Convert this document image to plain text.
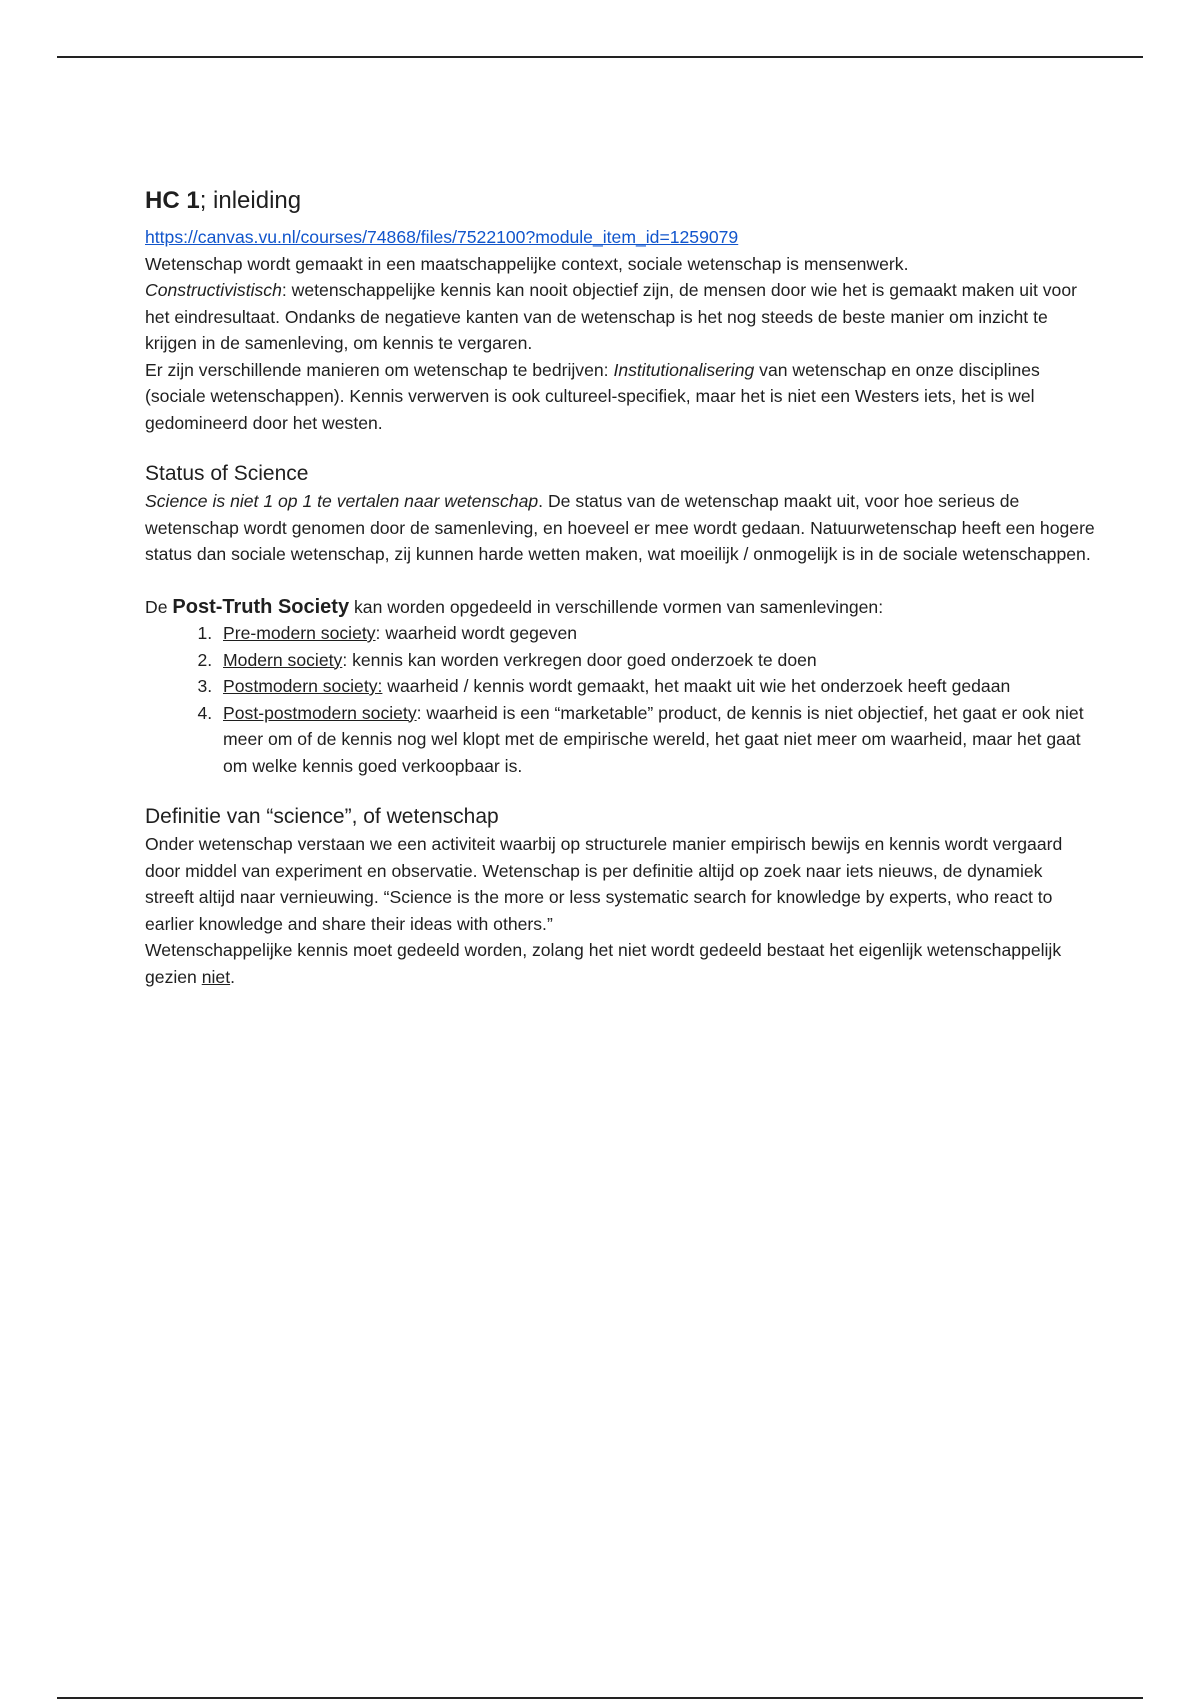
HC 1; inleiding
https://canvas.vu.nl/courses/74868/files/7522100?module_item_id=1259079

Wetenschap wordt gemaakt in een maatschappelijke context, sociale wetenschap is mensenwerk.

Constructivistisch: wetenschappelijke kennis kan nooit objectief zijn, de mensen door wie het is gemaakt maken uit voor het eindresultaat. Ondanks de negatieve kanten van de wetenschap is het nog steeds de beste manier om inzicht te krijgen in de samenleving, om kennis te vergaren.

Er zijn verschillende manieren om wetenschap te bedrijven: Institutionalisering van wetenschap en onze disciplines (sociale wetenschappen). Kennis verwerven is ook cultureel-specifiek, maar het is niet een Westers iets, het is wel gedomineerd door het westen.

Status of Science

Science is niet 1 op 1 te vertalen naar wetenschap. De status van de wetenschap maakt uit, voor hoe serieus de wetenschap wordt genomen door de samenleving, en hoeveel er mee wordt gedaan. Natuurwetenschap heeft een hogere status dan sociale wetenschap, zij kunnen harde wetten maken, wat moeilijk / onmogelijk is in de sociale wetenschappen.

De Post-Truth Society kan worden opgedeeld in verschillende vormen van samenlevingen:

1. Pre-modern society: waarheid wordt gegeven
2. Modern society: kennis kan worden verkregen door goed onderzoek te doen
3. Postmodern society: waarheid / kennis wordt gemaakt, het maakt uit wie het onderzoek heeft gedaan
4. Post-postmodern society: waarheid is een “marketable” product, de kennis is niet objectief, het gaat er ook niet meer om of de kennis nog wel klopt met de empirische wereld, het gaat niet meer om waarheid, maar het gaat om welke kennis goed verkoopbaar is.
Definitie van “science”, of wetenschap

Onder wetenschap verstaan we een activiteit waarbij op structurele manier empirisch bewijs en kennis wordt vergaard door middel van experiment en observatie. Wetenschap is per definitie altijd op zoek naar iets nieuws, de dynamiek streeft altijd naar vernieuwing. “Science is the more or less systematic search for knowledge by experts, who react to earlier knowledge and share their ideas with others.”

Wetenschappelijke kennis moet gedeeld worden, zolang het niet wordt gedeeld bestaat het eigenlijk wetenschappelijk gezien niet.
